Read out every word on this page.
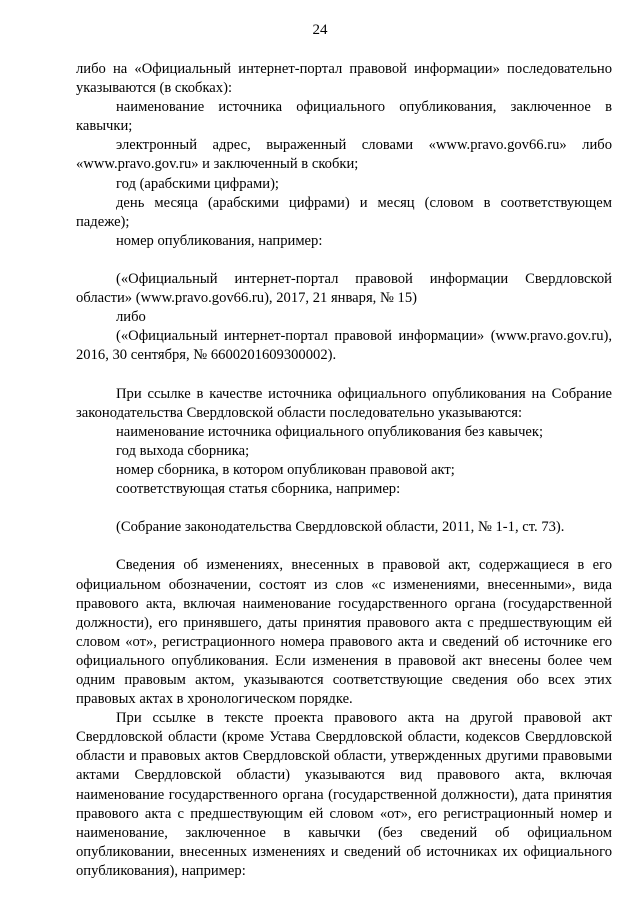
24

либо на «Официальный интернет-портал правовой информации» последовательно указываются (в скобках):

наименование источника официального опубликования, заключенное в кавычки;

электронный адрес, выраженный словами «www.pravo.gov66.ru» либо «www.pravo.gov.ru» и заключенный в скобки;

год (арабскими цифрами);

день месяца (арабскими цифрами) и месяц (словом в соответствующем падеже);

номер опубликования, например:

(«Официальный интернет-портал правовой информации Свердловской области» (www.pravo.gov66.ru), 2017, 21 января, № 15)

либо

(«Официальный интернет-портал правовой информации» (www.pravo.gov.ru), 2016, 30 сентября, № 6600201609300002).

При ссылке в качестве источника официального опубликования на Собрание законодательства Свердловской области последовательно указываются:

наименование источника официального опубликования без кавычек;

год выхода сборника;

номер сборника, в котором опубликован правовой акт;

соответствующая статья сборника, например:

(Собрание законодательства Свердловской области, 2011, № 1-1, ст. 73).

Сведения об изменениях, внесенных в правовой акт, содержащиеся в его официальном обозначении, состоят из слов «с изменениями, внесенными», вида правового акта, включая наименование государственного органа (государственной должности), его принявшего, даты принятия правового акта с предшествующим ей словом «от», регистрационного номера правового акта и сведений об источнике его официального опубликования. Если изменения в правовой акт внесены более чем одним правовым актом, указываются соответствующие сведения обо всех этих правовых актах в хронологическом порядке.

При ссылке в тексте проекта правового акта на другой правовой акт Свердловской области (кроме Устава Свердловской области, кодексов Свердловской области и правовых актов Свердловской области, утвержденных другими правовыми актами Свердловской области) указываются вид правового акта, включая наименование государственного органа (государственной должности), дата принятия правового акта с предшествующим ей словом «от», его регистрационный номер и наименование, заключенное в кавычки (без сведений об официальном опубликовании, внесенных изменениях и сведений об источниках их официального опубликования), например:
